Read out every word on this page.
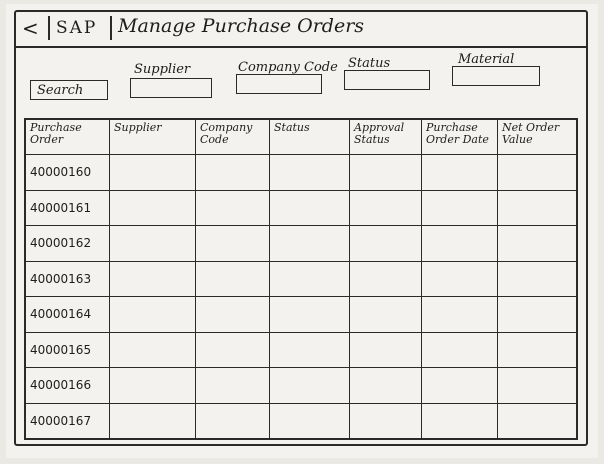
< SAP Manage Purchase Orders
Search
Supplier	Company Code Status	Material
Purchase Order	Supplier	Company Code	Status	Approval Status	Purchase Order Date	Net Order Value
40000160						
40000161						
40000162						
40000163						
40000164						
40000165						
40000166						
40000167						
